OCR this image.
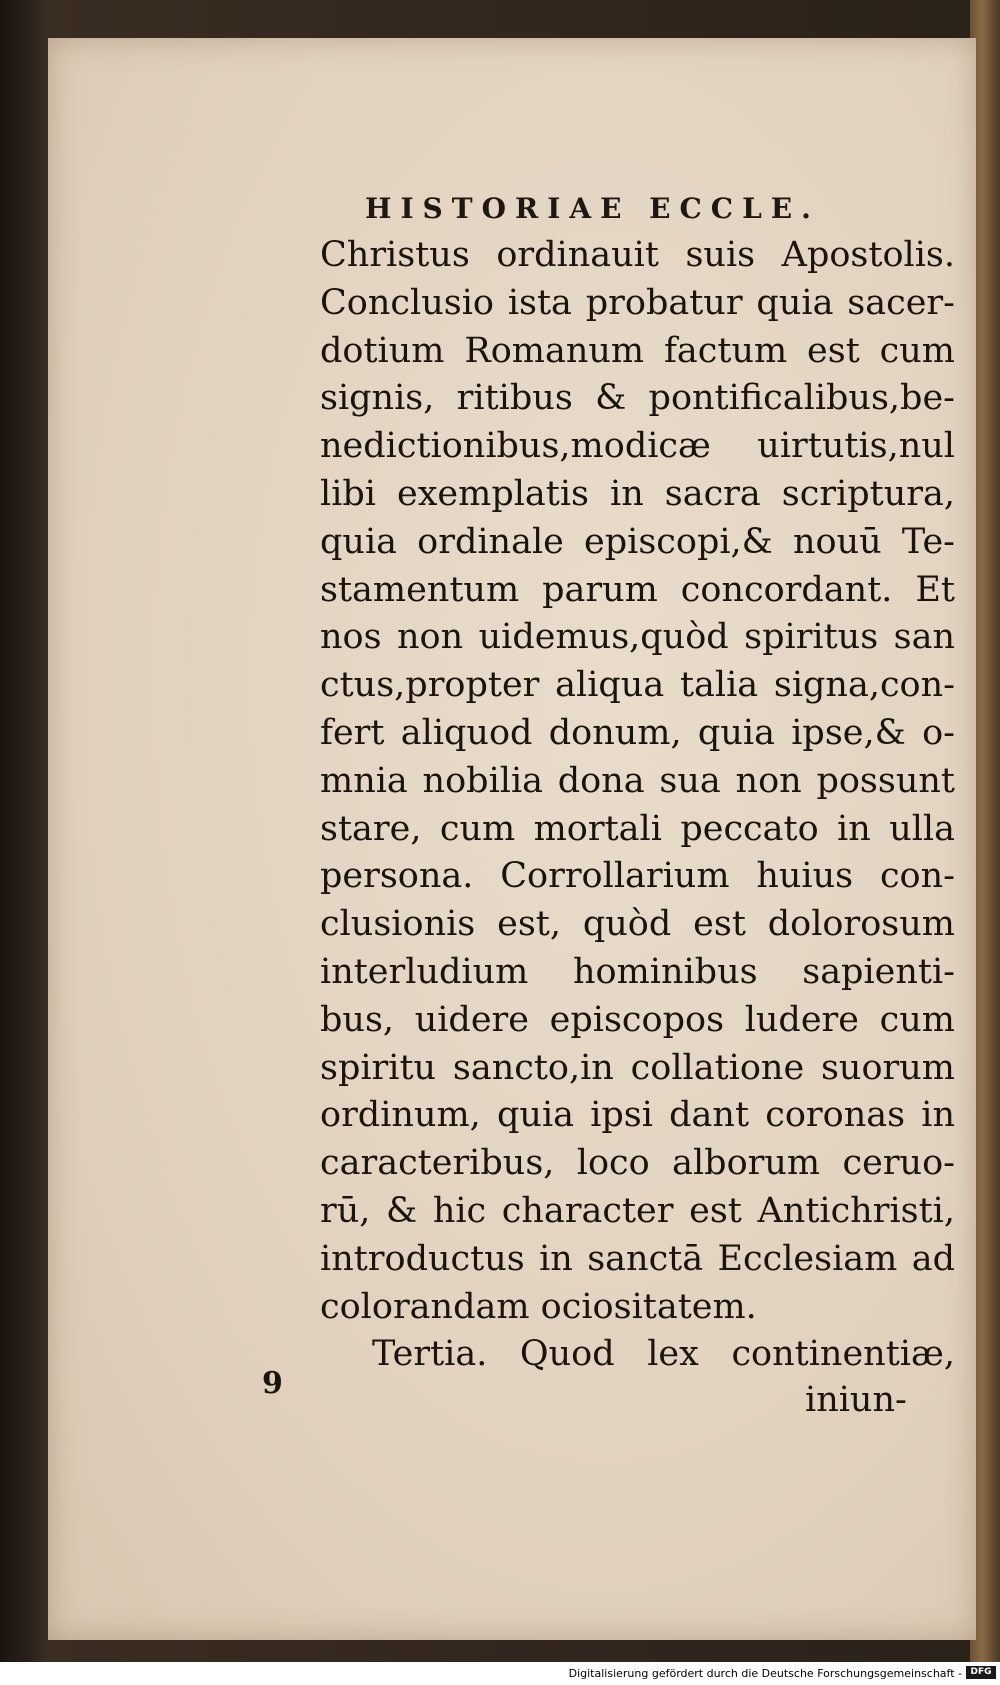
HISTORIAE ECCLE.
9
Christus ordinauit suis Apostolis.
Conclusio ista probatur quia sacer-
dotium Romanum factum est cum
signis, ritibus & pontificalibus,be-
nedictionibus,modicæ uirtutis,nul
libi exemplatis in sacra scriptura,
quia ordinale episcopi,& nouū Te-
stamentum parum concordant. Et
nos non uidemus,quòd spiritus san
ctus,propter aliqua talia signa,con-
fert aliquod donum, quia ipse,& o-
mnia nobilia dona sua non possunt
stare, cum mortali peccato in ulla
persona. Corrollarium huius con-
clusionis est, quòd est dolorosum
interludium hominibus sapienti-
bus, uidere episcopos ludere cum
spiritu sancto,in collatione suorum
ordinum, quia ipsi dant coronas in
caracteribus, loco alborum ceruo-
rū, & hic character est Antichristi,
introductus in sanctā Ecclesiam ad
colorandam ociositatem.
Tertia. Quod lex continentiæ,
iniun-
Digitalisierung gefördert durch die Deutsche Forschungsgemeinschaft - DFG
